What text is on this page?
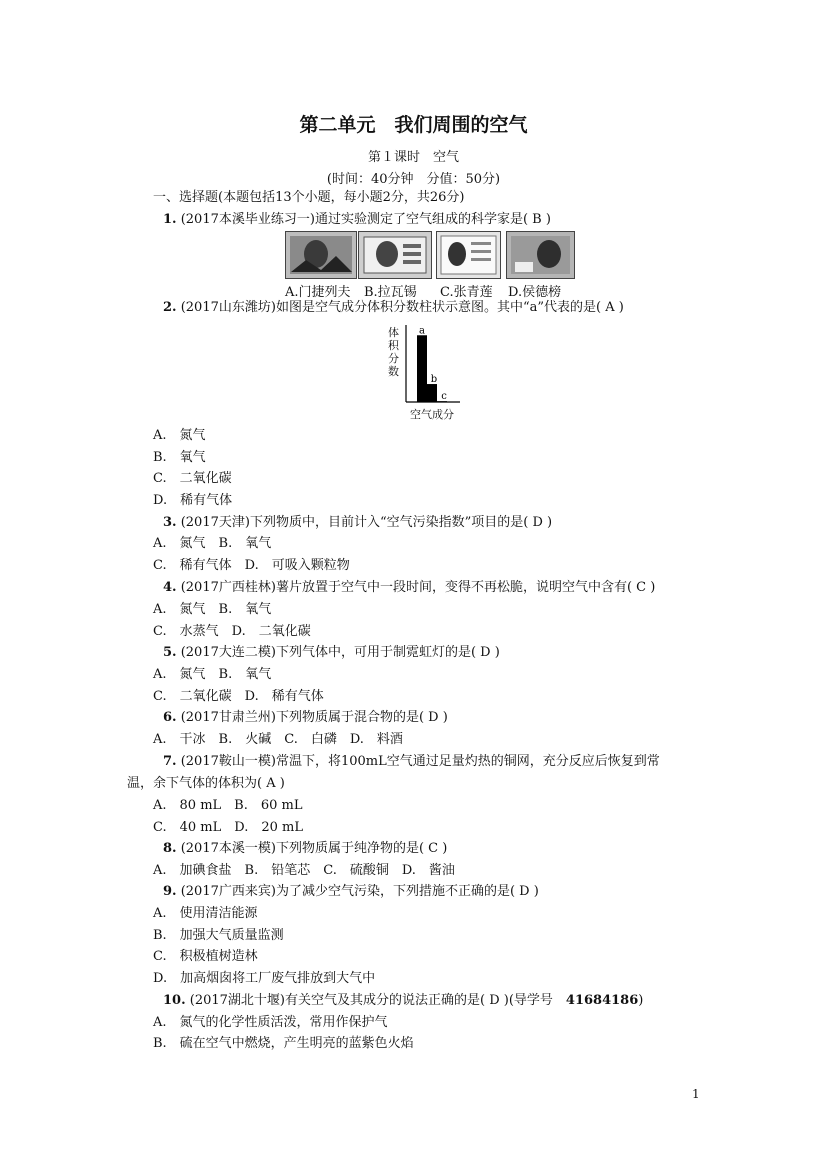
第二单元　我们周围的空气
第１课时　空气
(时间：40分钟　分值：50分)
一、选择题(本题包括13个小题，每小题2分，共26分)
1. (2017本溪毕业练习一)通过实验测定了空气组成的科学家是( B )
A.门捷列夫 B.拉瓦锡 C.张青莲 D.侯德榜
2. (2017山东潍坊)如图是空气成分体积分数柱状示意图。其中“a”代表的是( A )
a
b
c
体积分数
空气成分
A.　氮气
B.　氧气
C.　二氧化碳
D.　稀有气体
3. (2017天津)下列物质中，目前计入“空气污染指数”项目的是( D )
A.　氮气　B.　氧气
C.　稀有气体　D.　可吸入颗粒物
4. (2017广西桂林)薯片放置于空气中一段时间，变得不再松脆，说明空气中含有( C )
A.　氮气　B.　氧气
C.　水蒸气　D.　二氧化碳
5. (2017大连二模)下列气体中，可用于制霓虹灯的是( D )
A.　氮气　B.　氧气
C.　二氧化碳　D.　稀有气体
6. (2017甘肃兰州)下列物质属于混合物的是( D )
A.　干冰　B.　火碱　C.　白磷　D.　料酒
7. (2017鞍山一模)常温下，将100mL空气通过足量灼热的铜网，充分反应后恢复到常
温，余下气体的体积为( A )
A.　80 mL　B.　60 mL
C.　40 mL　D.　20 mL
8. (2017本溪一模)下列物质属于纯净物的是( C )
A.　加碘食盐　B.　铅笔芯　C.　硫酸铜　D.　酱油
9. (2017广西来宾)为了减少空气污染，下列措施不正确的是( D )
A.　使用清洁能源
B.　加强大气质量监测
C.　积极植树造林
D.　加高烟囱将工厂废气排放到大气中
10. (2017湖北十堰)有关空气及其成分的说法正确的是( D )(导学号　41684186)
A.　氮气的化学性质活泼，常用作保护气
B.　硫在空气中燃烧，产生明亮的蓝紫色火焰
1
